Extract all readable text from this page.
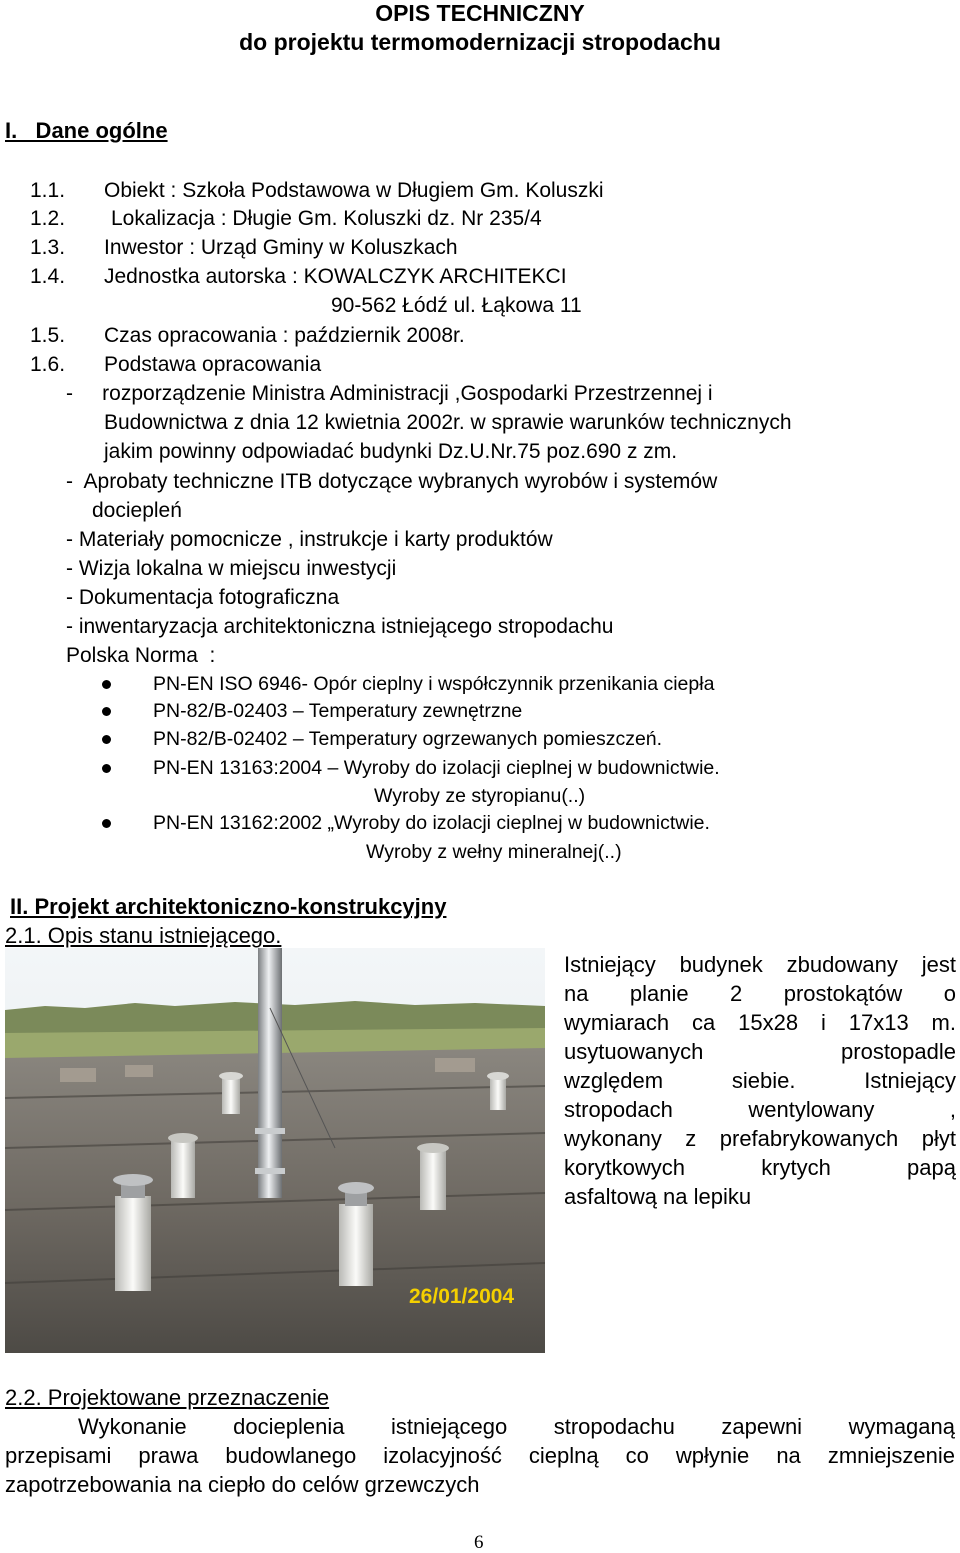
OPIS TECHNICZNY
do projektu termomodernizacji stropodachu
I.   Dane ogólne
1.1. Obiekt : Szkoła Podstawowa w Długiem Gm. Koluszki
1.2. Lokalizacja : Długie Gm. Koluszki dz. Nr 235/4
1.3. Inwestor : Urząd Gminy w Koluszkach
1.4. Jednostka autorska : KOWALCZYK ARCHITEKCI
90-562 Łódź ul. Łąkowa 11
1.5. Czas opracowania : październik 2008r.
1.6. Podstawa opracowania
-     rozporządzenie Ministra Administracji ,Gospodarki Przestrzennej i
Budownictwa z dnia 12 kwietnia 2002r. w sprawie warunków technicznych
jakim powinny odpowiadać budynki Dz.U.Nr.75 poz.690 z zm.
-  Aprobaty techniczne ITB dotyczące wybranych wyrobów i systemów
dociepleń
- Materiały pomocnicze , instrukcje i karty produktów
- Wizja lokalna w miejscu inwestycji
- Dokumentacja fotograficzna
- inwentaryzacja architektoniczna istniejącego stropodachu
Polska Norma  :
PN-EN ISO 6946- Opór cieplny i współczynnik przenikania ciepła
PN-82/B-02403 – Temperatury zewnętrzne
PN-82/B-02402 – Temperatury ogrzewanych pomieszczeń.
PN-EN 13163:2004 – Wyroby do izolacji cieplnej w budownictwie.
Wyroby ze styropianu(..)
PN-EN 13162:2002 „Wyroby do izolacji cieplnej w budownictwie.
Wyroby z wełny mineralnej(..)
II. Projekt architektoniczno-konstrukcyjny
2.1. Opis stanu istniejącego.
26/01/2004
Istniejący budynek zbudowany jest
na planie 2 prostokątów o
wymiarach ca 15x28 i 17x13 m.
usytuowanych prostopadle
względem siebie. Istniejący
stropodach wentylowany ,
wykonany z prefabrykowanych płyt
korytkowych krytych papą
asfaltową na lepiku
2.2. Projektowane przeznaczenie
Wykonanie docieplenia istniejącego stropodachu zapewni wymaganą
przepisami prawa budowlanego izolacyjność cieplną co wpłynie na zmniejszenie
zapotrzebowania na ciepło do celów grzewczych
6
